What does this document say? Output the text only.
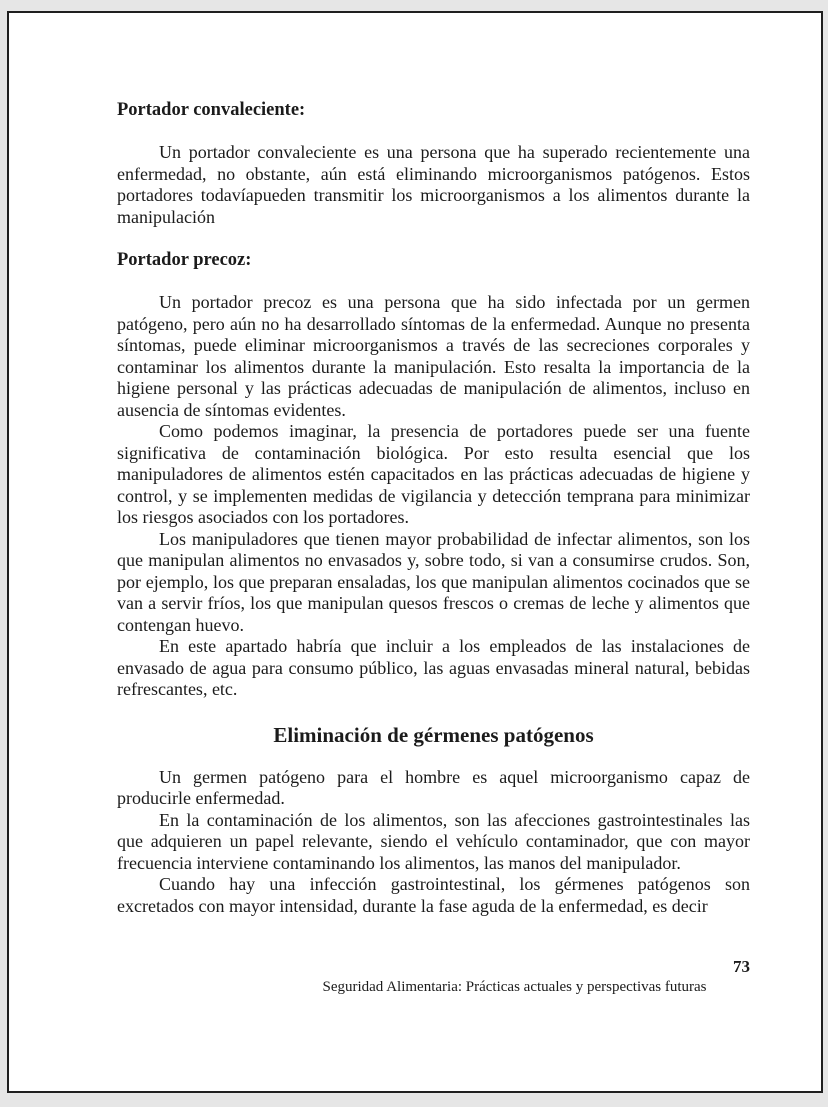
Portador convaleciente:

Un portador convaleciente es una persona que ha superado recientemente una enfermedad, no obstante, aún está eliminando microorganismos patógenos. Estos portadores todavíapueden transmitir los microorganismos a los alimentos durante la manipulación

Portador precoz:

Un portador precoz es una persona que ha sido infectada por un germen patógeno, pero aún no ha desarrollado síntomas de la enfermedad. Aunque no presenta síntomas, puede eliminar microorganismos a través de las secreciones corporales y contaminar los alimentos durante la manipulación. Esto resalta la importancia de la higiene personal y las prácticas adecuadas de manipulación de alimentos, incluso en ausencia de síntomas evidentes.

Como podemos imaginar, la presencia de portadores puede ser una fuente significativa de contaminación biológica. Por esto resulta esencial que los manipuladores de alimentos estén capacitados en las prácticas adecuadas de higiene y control, y se implementen medidas de vigilancia y detección temprana para minimizar los riesgos asociados con los portadores.

Los manipuladores que tienen mayor probabilidad de infectar alimentos, son los que manipulan alimentos no envasados y, sobre todo, si van a consumirse crudos. Son, por ejemplo, los que preparan ensaladas, los que manipulan alimentos cocinados que se van a servir fríos, los que manipulan quesos frescos o cremas de leche y alimentos que contengan huevo.

En este apartado habría que incluir a los empleados de las instalaciones de envasado de agua para consumo público, las aguas envasadas mineral natural, bebidas refrescantes, etc.

Eliminación de gérmenes patógenos

Un germen patógeno para el hombre es aquel microorganismo capaz de producirle enfermedad.

En la contaminación de los alimentos, son las afecciones gastrointestinales las que adquieren un papel relevante, siendo el vehículo contaminador, que con mayor frecuencia interviene contaminando los alimentos, las manos del manipulador.

Cuando hay una infección gastrointestinal, los gérmenes patógenos son excretados con mayor intensidad, durante la fase aguda de la enfermedad, es decir

73
Seguridad Alimentaria: Prácticas actuales y perspectivas futuras
